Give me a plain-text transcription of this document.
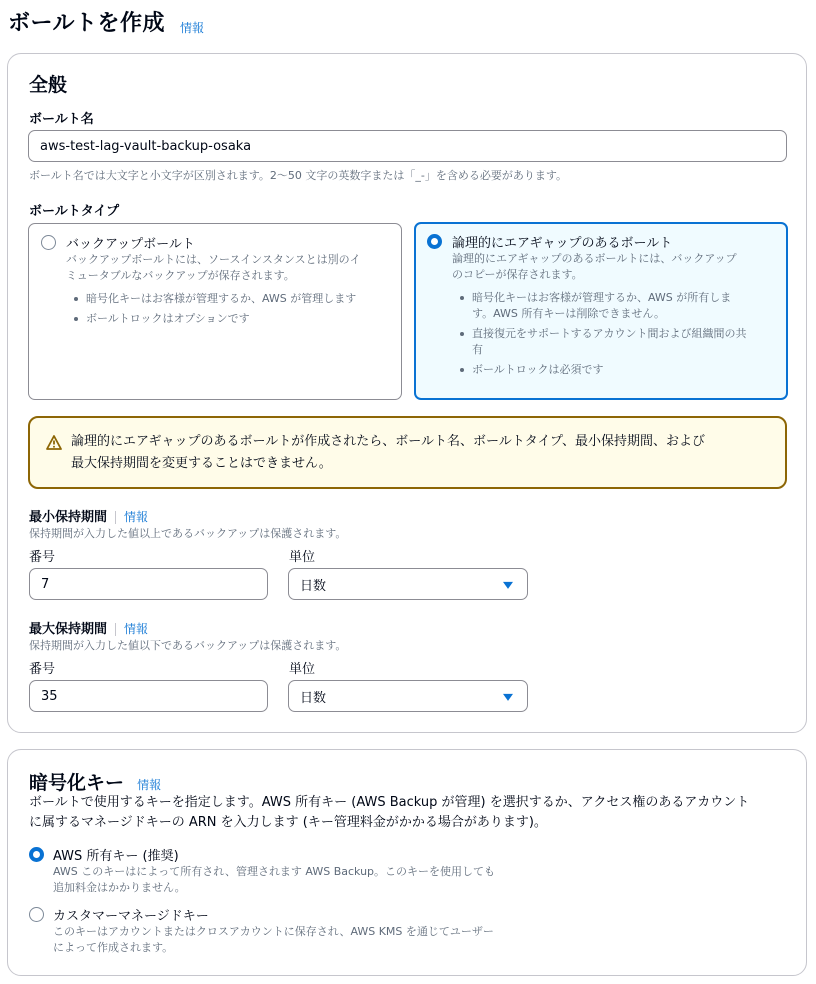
ボールトを作成 情報
全般
ボールト名
aws-test-lag-vault-backup-osaka
ボールト名では大文字と小文字が区別されます。2〜50 文字の英数字または「_-」を含める必要があります。
ボールトタイプ
バックアップボールト
バックアップボールトには、ソースインスタンスとは別のイ
ミュータブルなバックアップが保存されます。
暗号化キーはお客様が管理するか、AWS が管理します
ボールトロックはオプションです
論理的にエアギャップのあるボールト
論理的にエアギャップのあるボールトには、バックアップ
のコピーが保存されます。
暗号化キーはお客様が管理するか、AWS が所有しま
す。AWS 所有キーは削除できません。
直接復元をサポートするアカウント間および組織間の共
有
ボールトロックは必須です
論理的にエアギャップのあるボールトが作成されたら、ボールト名、ボールトタイプ、最小保持期間、および
最大保持期間を変更することはできません。
最小保持期間 情報
保持期間が入力した値以上であるバックアップは保護されます。
番号
7
単位
日数
最大保持期間 情報
保持期間が入力した値以下であるバックアップは保護されます。
番号
35
単位
日数
暗号化キー 情報
ボールトで使用するキーを指定します。AWS 所有キー (AWS Backup が管理) を選択するか、アクセス権のあるアカウント
に属するマネージドキーの ARN を入力します (キー管理料金がかかる場合があります)。
AWS 所有キー (推奨)
AWS このキーはによって所有され、管理されます AWS Backup。このキーを使用しても
追加料金はかかりません。
カスタマーマネージドキー
このキーはアカウントまたはクロスアカウントに保存され、AWS KMS を通じてユーザー
によって作成されます。
